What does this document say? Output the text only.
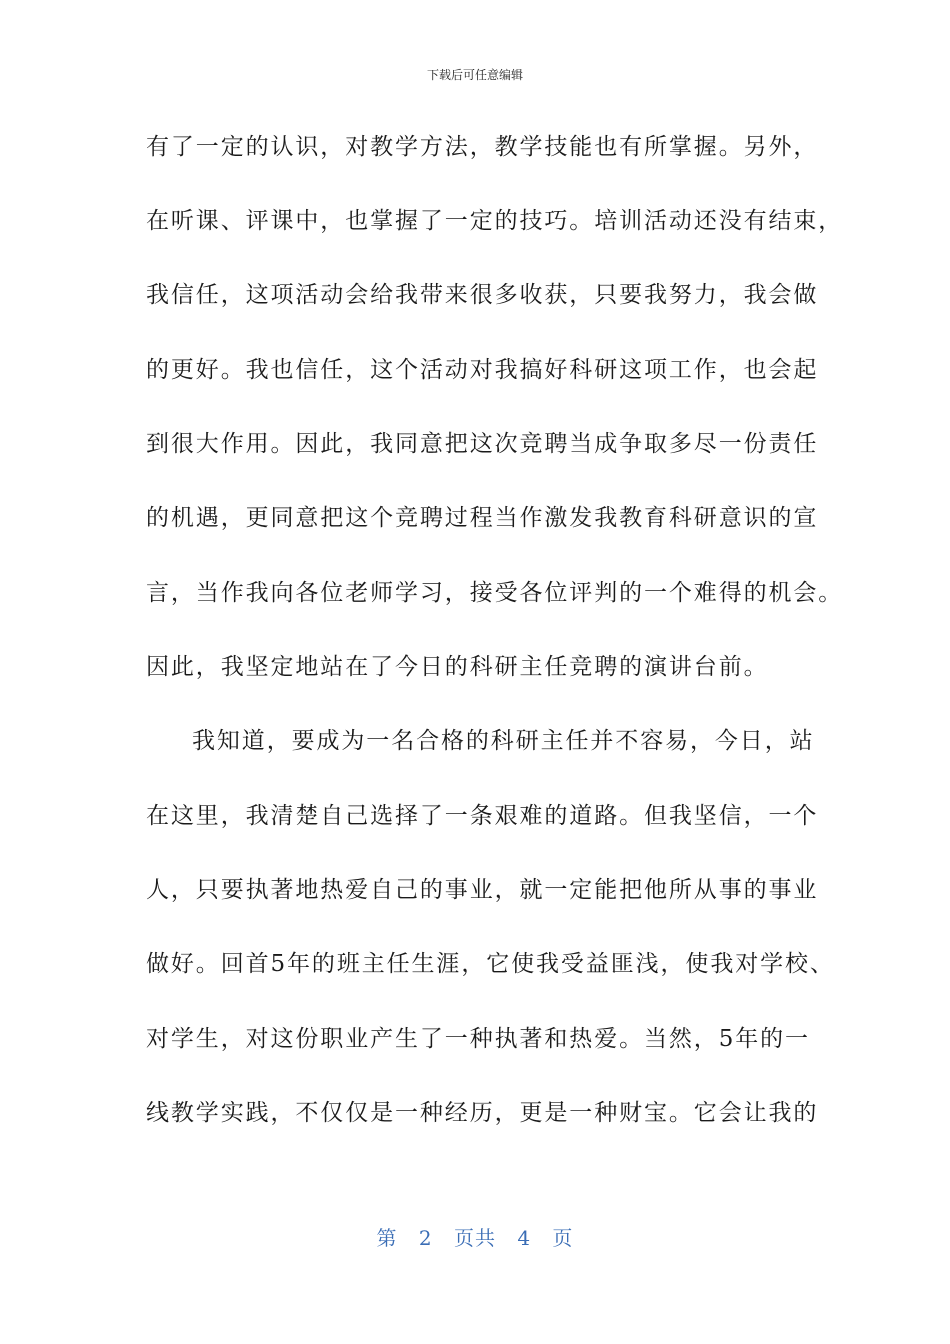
下载后可任意编辑
有了一定的认识，对教学方法，教学技能也有所掌握。另外，
在听课、评课中，也掌握了一定的技巧。培训活动还没有结束，
我信任，这项活动会给我带来很多收获，只要我努力，我会做
的更好。我也信任，这个活动对我搞好科研这项工作，也会起
到很大作用。因此，我同意把这次竞聘当成争取多尽一份责任
的机遇，更同意把这个竞聘过程当作激发我教育科研意识的宣
言，当作我向各位老师学习，接受各位评判的一个难得的机会。
因此，我坚定地站在了今日的科研主任竞聘的演讲台前。
我知道，要成为一名合格的科研主任并不容易，今日，站
在这里，我清楚自己选择了一条艰难的道路。但我坚信，一个
人，只要执著地热爱自己的事业，就一定能把他所从事的事业
做好。回首5年的班主任生涯，它使我受益匪浅，使我对学校、
对学生，对这份职业产生了一种执著和热爱。当然，5年的一
线教学实践，不仅仅是一种经历，更是一种财宝。它会让我的
第 2 页共 4 页
